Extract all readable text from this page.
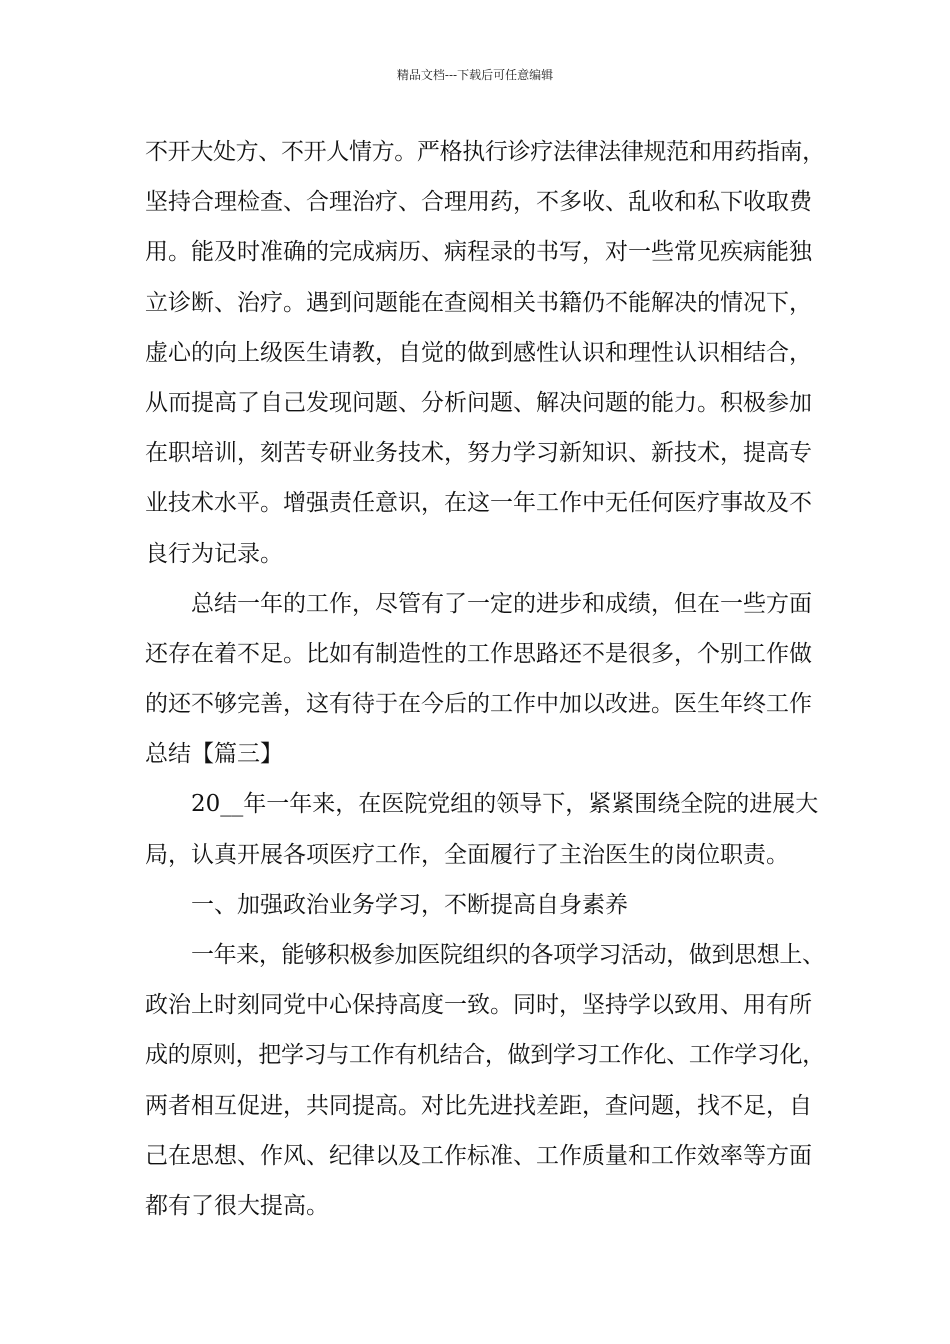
精品文档---下载后可任意编辑
不开大处方、不开人情方。严格执行诊疗法律法律规范和用药指南，
坚持合理检查、合理治疗、合理用药，不多收、乱收和私下收取费
用。能及时准确的完成病历、病程录的书写，对一些常见疾病能独
立诊断、治疗。遇到问题能在查阅相关书籍仍不能解决的情况下，
虚心的向上级医生请教，自觉的做到感性认识和理性认识相结合，
从而提高了自己发现问题、分析问题、解决问题的能力。积极参加
在职培训，刻苦专研业务技术，努力学习新知识、新技术，提高专
业技术水平。增强责任意识，在这一年工作中无任何医疗事故及不
良行为记录。
总结一年的工作，尽管有了一定的进步和成绩，但在一些方面
还存在着不足。比如有制造性的工作思路还不是很多，个别工作做
的还不够完善，这有待于在今后的工作中加以改进。医生年终工作
总结【篇三】
20__年一年来，在医院党组的领导下，紧紧围绕全院的进展大
局，认真开展各项医疗工作，全面履行了主治医生的岗位职责。
一、加强政治业务学习，不断提高自身素养
一年来，能够积极参加医院组织的各项学习活动，做到思想上、
政治上时刻同党中心保持高度一致。同时，坚持学以致用、用有所
成的原则，把学习与工作有机结合，做到学习工作化、工作学习化，
两者相互促进，共同提高。对比先进找差距，查问题，找不足，自
己在思想、作风、纪律以及工作标准、工作质量和工作效率等方面
都有了很大提高。
